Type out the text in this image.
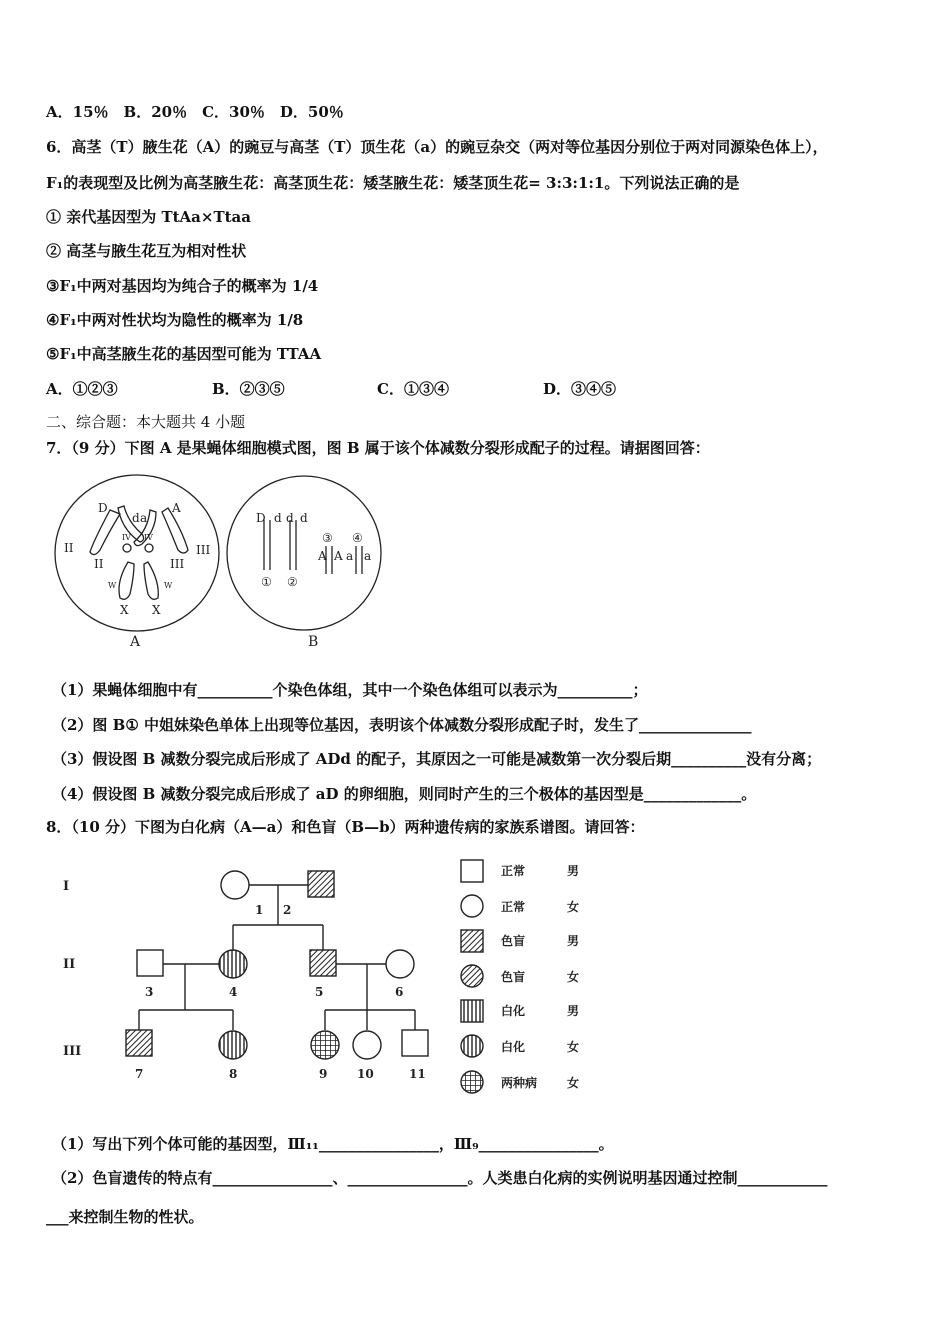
A．15％　B．20％　C．30％　D．50％
6．高茎（T）腋生花（A）的豌豆与高茎（T）顶生花（a）的豌豆杂交（两对等位基因分别位于两对同源染色体上），
F₁的表现型及比例为高茎腋生花：高茎顶生花：矮茎腋生花：矮茎顶生花= 3:3:1:1。下列说法正确的是
① 亲代基因型为 TtAa×Ttaa
② 高茎与腋生花互为相对性状
③F₁中两对基因均为纯合子的概率为 1/4
④F₁中两对性状均为隐性的概率为 1/8
⑤F₁中高茎腋生花的基因型可能为 TTAA
A．①②③	B．②③⑤	C．①③④	D．③④⑤
二、综合题：本大题共 4 小题
7．（9 分）下图 A 是果蝇体细胞模式图，图 B 属于该个体减数分裂形成配子的过程。请据图回答：
D
d a
A
II	III
IV IV
II	III
W	W
X X
A
D d d d
③ ④
A A a a
① ②
B
（1）果蝇体细胞中有__________个染色体组，其中一个染色体组可以表示为__________；
（2）图 B① 中姐妹染色单体上出现等位基因，表明该个体减数分裂形成配子时，发生了_______________
（3）假设图 B 减数分裂完成后形成了 ADd 的配子，其原因之一可能是减数第一次分裂后期__________没有分离；
（4）假设图 B 减数分裂完成后形成了 aD 的卵细胞，则同时产生的三个极体的基因型是_____________。
8．（10 分）下图为白化病（A—a）和色盲（B—b）两种遗传病的家族系谱图。请回答：
I
II
III
1 2
3	4	5	6
7	8	9 10	11
正常	男
正常	女
色盲	男
色盲	女
白化	男
白化	女
两种病 女
（1）写出下列个体可能的基因型，Ⅲ₁₁________________，Ⅲ₉________________。
（2）色盲遗传的特点有________________、________________。人类患白化病的实例说明基因通过控制____________
___来控制生物的性状。
